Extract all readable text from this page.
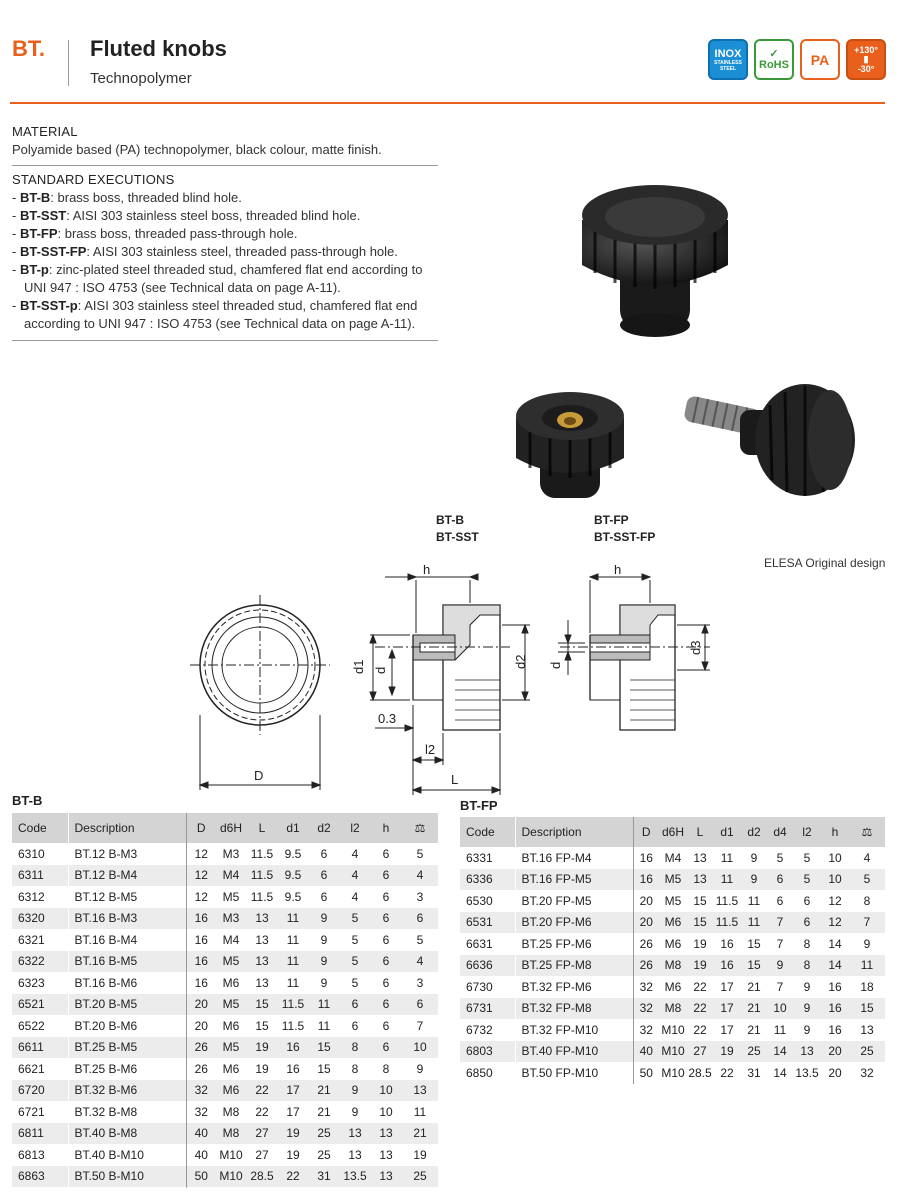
BT. Fluted knobs
Technopolymer
INOX
STAINLESS STEEL
✓
RoHS PA
+130°
▮
-30°
MATERIAL
Polyamide based (PA) technopolymer, black colour, matte finish.
STANDARD EXECUTIONS
- BT-B: brass boss, threaded blind hole.
- BT-SST: AISI 303 stainless steel boss, threaded blind hole.
- BT-FP: brass boss, threaded pass-through hole.
- BT-SST-FP: AISI 303 stainless steel, threaded pass-through hole.
- BT-p: zinc-plated steel threaded stud, chamfered flat end according to UNI 947 : ISO 4753 (see Technical data on page A-11).
- BT-SST-p: AISI 303 stainless steel threaded stud, chamfered flat end according to UNI 947 : ISO 4753 (see Technical data on page A-11).
BT-B
BT-SST
BT-FP
BT-SST-FP
ELESA Original design
D
h
d1 d
d2
0.3
l2
L
h
d
d3
BT-B
Code	Description	D	d6H	L	d1	d2	l2	h	⚖
6310	BT.12 B-M3	12	M3	11.5	9.5	6	4	6	5
6311	BT.12 B-M4	12	M4	11.5	9.5	6	4	6	4
6312	BT.12 B-M5	12	M5	11.5	9.5	6	4	6	3
6320	BT.16 B-M3	16	M3	13	11	9	5	6	6
6321	BT.16 B-M4	16	M4	13	11	9	5	6	5
6322	BT.16 B-M5	16	M5	13	11	9	5	6	4
6323	BT.16 B-M6	16	M6	13	11	9	5	6	3
6521	BT.20 B-M5	20	M5	15	11.5	11	6	6	6
6522	BT.20 B-M6	20	M6	15	11.5	11	6	6	7
6611	BT.25 B-M5	26	M5	19	16	15	8	6	10
6621	BT.25 B-M6	26	M6	19	16	15	8	8	9
6720	BT.32 B-M6	32	M6	22	17	21	9	10	13
6721	BT.32 B-M8	32	M8	22	17	21	9	10	11
6811	BT.40 B-M8	40	M8	27	19	25	13	13	21
6813	BT.40 B-M10	40	M10	27	19	25	13	13	19
6863	BT.50 B-M10	50	M10	28.5	22	31	13.5	13	25
BT-FP
Code	Description	D	d6H	L	d1	d2	d4	l2	h	⚖
6331	BT.16 FP-M4	16	M4	13	11	9	5	5	10	4
6336	BT.16 FP-M5	16	M5	13	11	9	6	5	10	5
6530	BT.20 FP-M5	20	M5	15	11.5	11	6	6	12	8
6531	BT.20 FP-M6	20	M6	15	11.5	11	7	6	12	7
6631	BT.25 FP-M6	26	M6	19	16	15	7	8	14	9
6636	BT.25 FP-M8	26	M8	19	16	15	9	8	14	11
6730	BT.32 FP-M6	32	M6	22	17	21	7	9	16	18
6731	BT.32 FP-M8	32	M8	22	17	21	10	9	16	15
6732	BT.32 FP-M10	32	M10	22	17	21	11	9	16	13
6803	BT.40 FP-M10	40	M10	27	19	25	14	13	20	25
6850	BT.50 FP-M10	50	M10	28.5	22	31	14	13.5	20	32
